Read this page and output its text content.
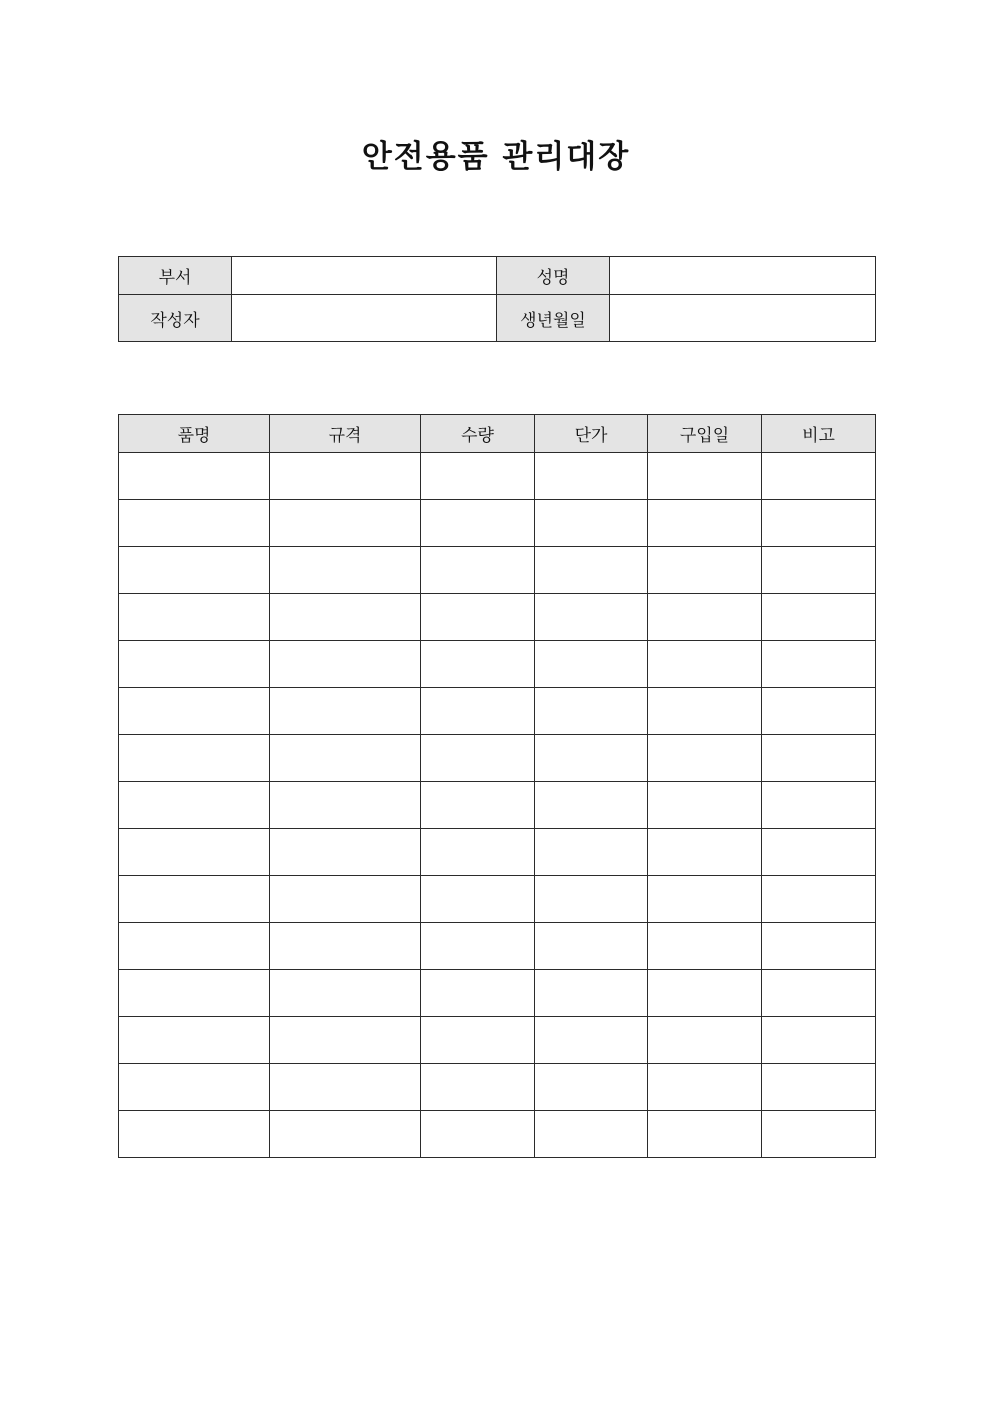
안전용품 관리대장
부서		성명	
작성자		생년월일	
품명	규격	수량	단가	구입일	비고
